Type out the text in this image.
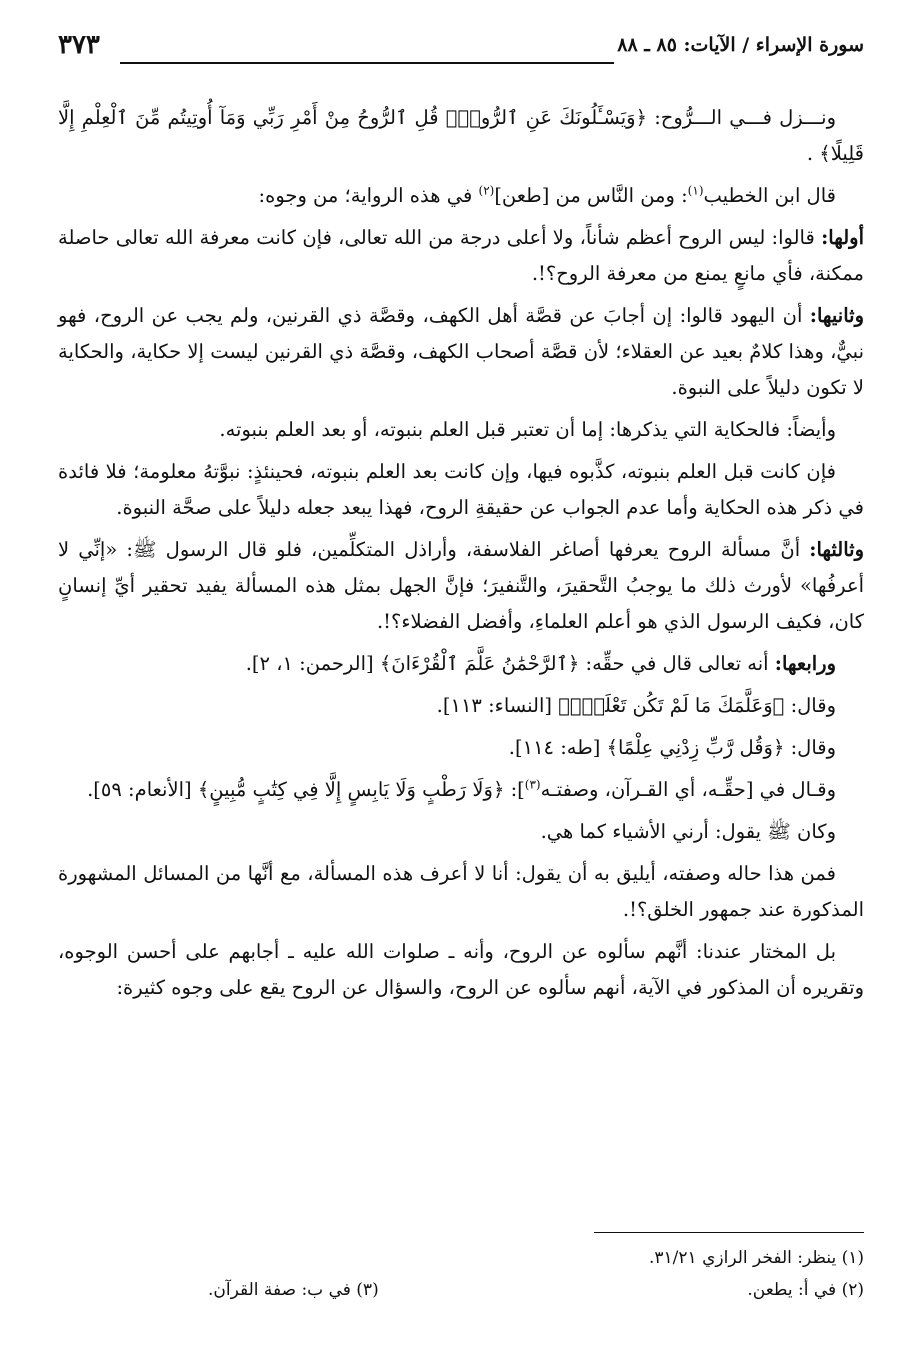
٣٧٣	سورة الإسراء / الآيات: ٨٥ ـ ٨٨

ونـــزل فـــي الـــرُّوح: ﴿وَيَسْـَٔلُونَكَ عَنِ ٱلرُّوحِۖ قُلِ ٱلرُّوحُ مِنْ أَمْرِ رَبِّي وَمَآ أُوتِيتُم مِّنَ ٱلْعِلْمِ إِلَّا قَلِيلًا﴾ .

قال ابن الخطيب$^{(١)}$: ومن النَّاس من [طعن]$^{(٢)}$ في هذه الرواية؛ من وجوه:

أولها: قالوا: ليس الروح أعظم شأناً، ولا أعلى درجة من الله تعالى، فإن كانت معرفة الله تعالى حاصلة ممكنة، فأي مانعٍ يمنع من معرفة الروح؟!.

وثانيها: أن اليهود قالوا: إن أجابَ عن قصَّة أهل الكهف، وقصَّة ذي القرنين، ولم يجب عن الروح، فهو نبيٌّ، وهذا كلامٌ بعيد عن العقلاء؛ لأن قصَّة أصحاب الكهف، وقصَّة ذي القرنين ليست إلا حكاية، والحكاية لا تكون دليلاً على النبوة.

وأيضاً: فالحكاية التي يذكرها: إما أن تعتبر قبل العلم بنبوته، أو بعد العلم بنبوته.

فإن كانت قبل العلم بنبوته، كذَّبوه فيها، وإن كانت بعد العلم بنبوته، فحينئذٍ: نبوَّتهُ معلومة؛ فلا فائدة في ذكر هذه الحكاية وأما عدم الجواب عن حقيقةِ الروح، فهذا يبعد جعله دليلاً على صحَّة النبوة.

وثالثها: أنَّ مسألة الروح يعرفها أصاغر الفلاسفة، وأراذل المتكلِّمين، فلو قال الرسول ﷺ: «إنِّي لا أعرفُها» لأورث ذلك ما يوجبُ التَّحقيرَ، والتَّنفيرَ؛ فإنَّ الجهل بمثل هذه المسألة يفيد تحقير أيِّ إنسانٍ كان، فكيف الرسول الذي هو أعلم العلماءِ، وأفضل الفضلاء؟!.

ورابعها: أنه تعالى قال في حقِّه: ﴿ٱلرَّحْمَٰنُ عَلَّمَ ٱلْقُرْءَانَ﴾ [الرحمن: ١، ٢].

وقال: ﴿وَعَلَّمَكَ مَا لَمْ تَكُن تَعْلَمُۚ﴾ [النساء: ١١٣].

وقال: ﴿وَقُل رَّبِّ زِدْنِي عِلْمًا﴾ [طه: ١١٤].

وقـال في [حقِّـه، أي القـرآن، وصفتـه$^{(٣)}$]: ﴿وَلَا رَطْبٍ وَلَا يَابِسٍ إِلَّا فِي كِتَٰبٍ مُّبِينٍ﴾ [الأنعام: ٥٩].

وكان ﷺ يقول: أرني الأشياء كما هي.

فمن هذا حاله وصفته، أيليق به أن يقول: أنا لا أعرف هذه المسألة، مع أنَّها من المسائل المشهورة المذكورة عند جمهور الخلق؟!.

بل المختار عندنا: أنَّهم سألوه عن الروح، وأنه ـ صلوات الله عليه ـ أجابهم على أحسن الوجوه، وتقريره أن المذكور في الآية، أنهم سألوه عن الروح، والسؤال عن الروح يقع على وجوه كثيرة:

(١) ينظر: الفخر الرازي ٣١/٢١.
(٢) في أ: يطعن.
(٣) في ب: صفة القرآن.
